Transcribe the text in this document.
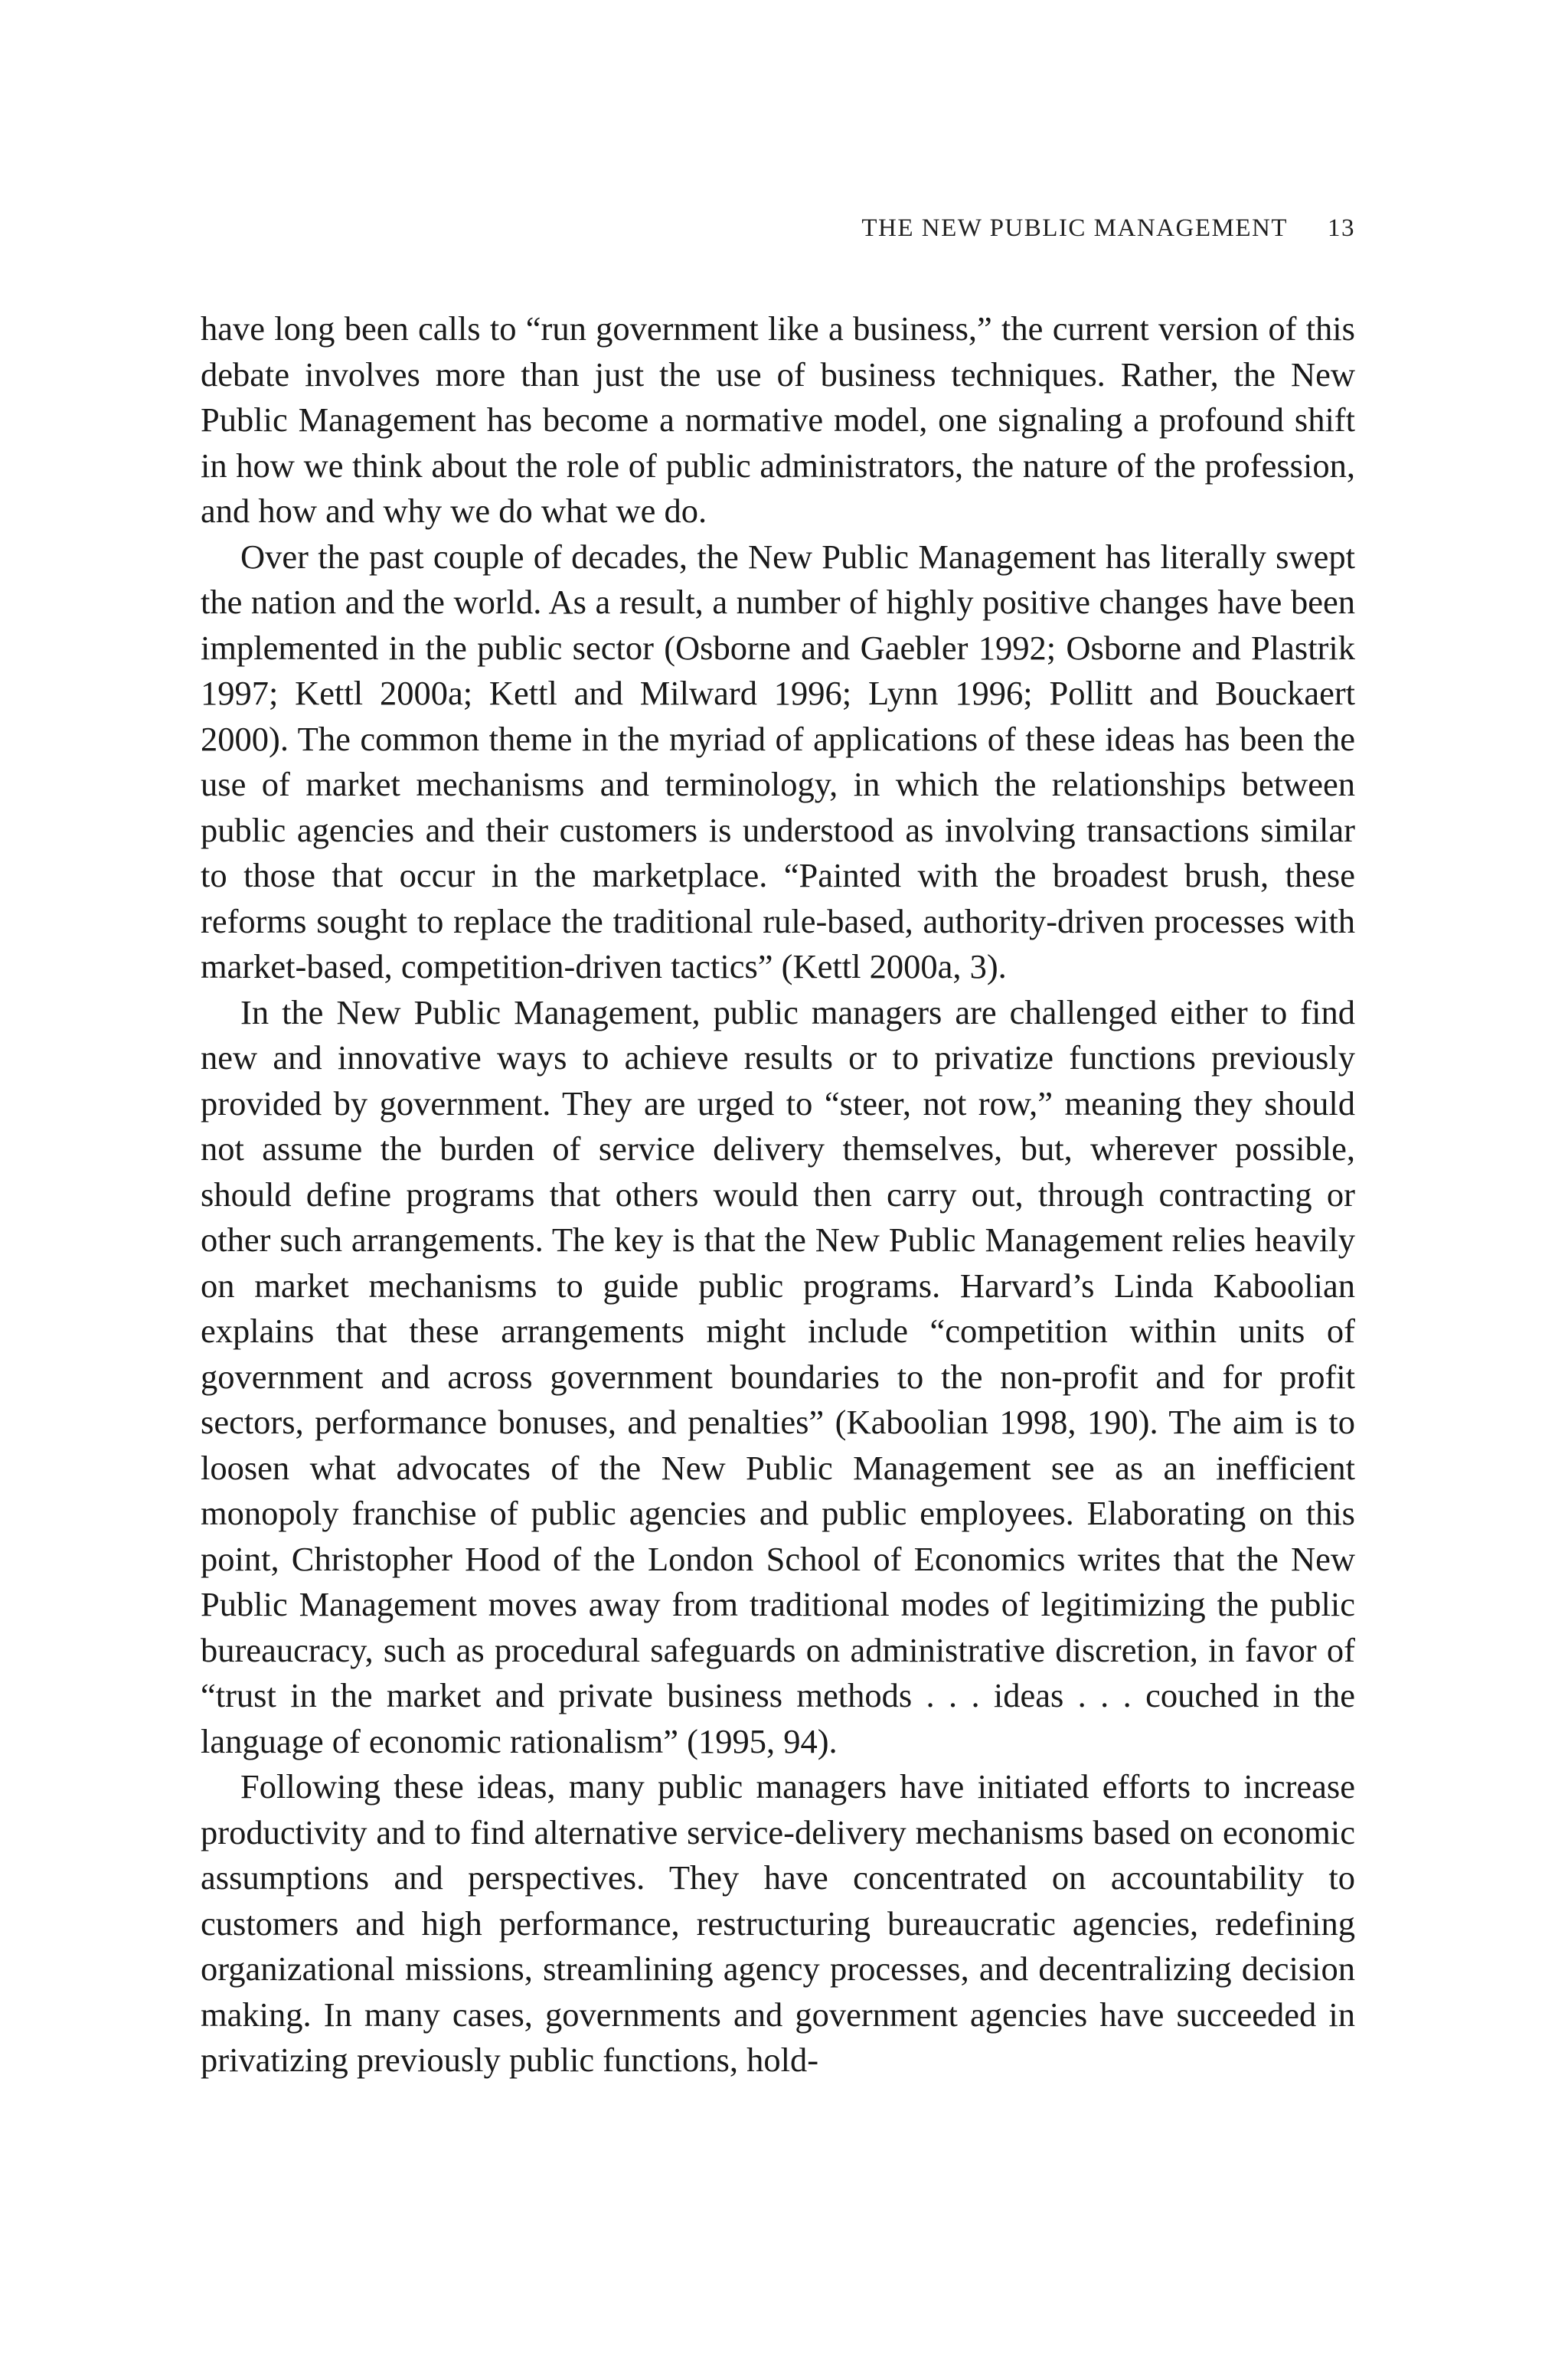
THE NEW PUBLIC MANAGEMENT 13

have long been calls to “run government like a business,” the current version of this debate involves more than just the use of business techniques. Rather, the New Public Management has become a normative model, one signaling a profound shift in how we think about the role of public administrators, the nature of the profession, and how and why we do what we do.

Over the past couple of decades, the New Public Management has literally swept the nation and the world. As a result, a number of highly positive changes have been implemented in the public sector (Osborne and Gaebler 1992; Osborne and Plastrik 1997; Kettl 2000a; Kettl and Milward 1996; Lynn 1996; Pollitt and Bouckaert 2000). The common theme in the myriad of applications of these ideas has been the use of market mechanisms and terminology, in which the relationships between public agencies and their customers is understood as involving transactions similar to those that occur in the marketplace. “Painted with the broadest brush, these reforms sought to replace the traditional rule-based, authority-driven processes with market-based, competition-driven tactics” (Kettl 2000a, 3).

In the New Public Management, public managers are challenged either to find new and innovative ways to achieve results or to privatize functions previously provided by government. They are urged to “steer, not row,” meaning they should not assume the burden of service delivery themselves, but, wherever possible, should define programs that others would then carry out, through contracting or other such arrangements. The key is that the New Public Management relies heavily on market mechanisms to guide public programs. Harvard’s Linda Kaboolian explains that these arrangements might include “competition within units of government and across government boundaries to the non-profit and for profit sectors, performance bonuses, and penalties” (Kaboolian 1998, 190). The aim is to loosen what advocates of the New Public Management see as an inefficient monopoly franchise of public agencies and public employees. Elaborating on this point, Christopher Hood of the London School of Economics writes that the New Public Management moves away from traditional modes of legitimizing the public bureaucracy, such as procedural safeguards on administrative discretion, in favor of “trust in the market and private business methods . . . ideas . . . couched in the language of economic rationalism” (1995, 94).

Following these ideas, many public managers have initiated efforts to increase productivity and to find alternative service-delivery mechanisms based on economic assumptions and perspectives. They have concentrated on accountability to customers and high performance, restructuring bureaucratic agencies, redefining organizational missions, streamlining agency processes, and decentralizing decision making. In many cases, governments and government agencies have succeeded in privatizing previously public functions, hold-
